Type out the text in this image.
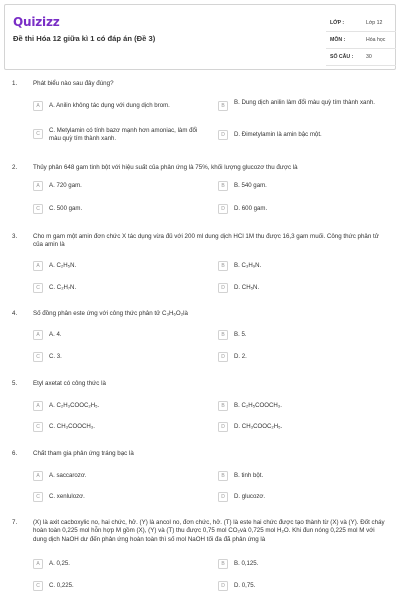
Quizizz
Đề thi Hóa 12 giữa kì 1 có đáp án (Đề 3)
LỚP :	Lớp 12
MÔN :	Hóa học
SỐ CÂU : 30
1.	Phát biểu nào sau đây đúng?
A	A. Anilin không tác dụng với dung dịch brom.	B	B. Dung dịch anilin làm đổi màu quỳ tím thành xanh.
C	C. Metylamin có tính bazơ mạnh hơn amoniac, làm đổi màu quỳ tím thành xanh.
D	D. Đimetylamin là amin bậc một.
2.	Thủy phân 648 gam tinh bột với hiệu suất của phản ứng là 75%, khối lượng glucozơ thu được là
A	A. 720 gam.	B	B. 540 gam.
C	C. 500 gam.	D	D. 600 gam.
3.	Cho m gam một amin đơn chức X tác dụng vừa đủ với 200 ml dung dịch HCl 1M thu được 16,3 gam muối. Công thức phân tử của amin là
A	A. C₂H₅N.	B	B. C₃H₉N.
C	C. C₂H₇N.	D	D. CH₅N.
4.	Số đồng phân este ứng với công thức phân tử C₃H₆O₂là
A	A. 4.	B	B. 5.
C	C. 3.	D	D. 2.
5.	Etyl axetat có công thức là
A	A. C₂H₃COOC₂H₅.	B	B. C₂H₅COOCH₃.
C	C. CH₃COOCH₃.	D	D. CH₃COOC₂H₅.
6.	Chất tham gia phản ứng tráng bạc là
A	A. saccarozơ.	B	B. tinh bột.
C	C. xenlulozơ.	D	D. glucozơ.
7.	(X) là axit cacboxylic no, hai chức, hở. (Y) là ancol no, đơn chức, hở. (T) là este hai chức được tạo thành từ (X) và (Y). Đốt cháy hoàn toàn 0,225 mol hỗn hợp M gồm (X), (Y) và (T) thu được 0,75 mol CO₂và 0,725 mol H₂O. Khi đun nóng 0,225 mol M với dung dịch NaOH dư đến phản ứng hoàn toàn thì số mol NaOH tối đa đã phản ứng là
A	A. 0,25.	B	B. 0,125.
C	C. 0,225.	D	D. 0,75.
